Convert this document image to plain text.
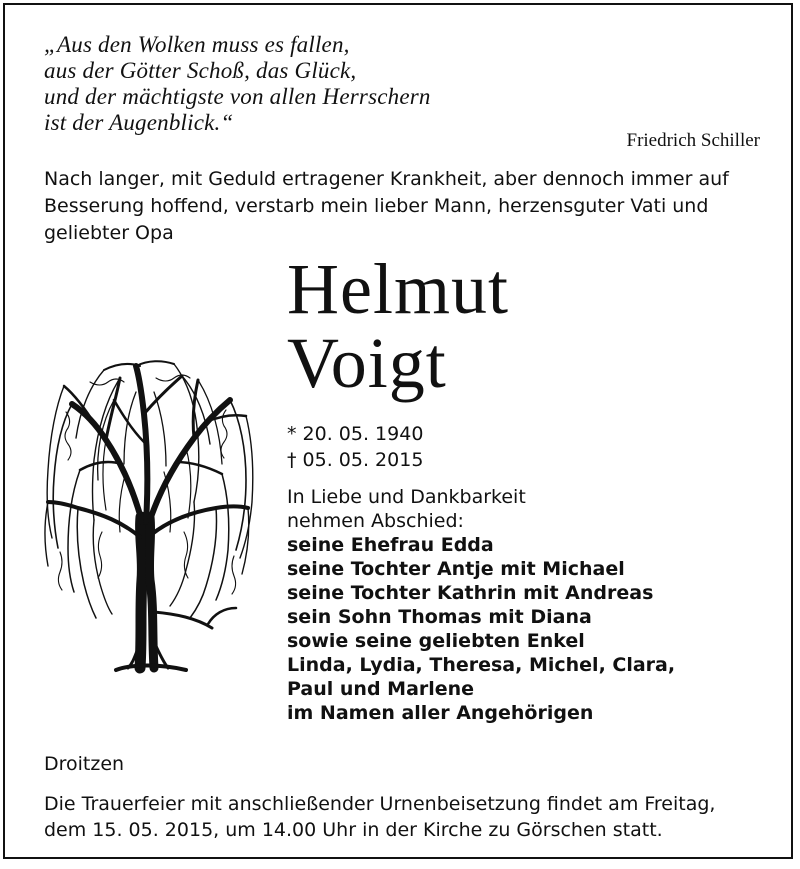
„Aus den Wolken muss es fallen,
aus der Götter Schoß, das Glück,
und der mächtigste von allen Herrschern
ist der Augenblick.“
Friedrich Schiller
Nach langer, mit Geduld ertragener Krankheit, aber dennoch immer auf
Besserung hoffend, verstarb mein lieber Mann, herzensguter Vati und
geliebter Opa
Helmut
Voigt
* 20. 05. 1940
† 05. 05. 2015
In Liebe und Dankbarkeit
nehmen Abschied:
seine Ehefrau Edda
seine Tochter Antje mit Michael
seine Tochter Kathrin mit Andreas
sein Sohn Thomas mit Diana
sowie seine geliebten Enkel
Linda, Lydia, Theresa, Michel, Clara,
Paul und Marlene
im Namen aller Angehörigen
Droitzen
Die Trauerfeier mit anschließender Urnenbeisetzung findet am Freitag,
dem 15. 05. 2015, um 14.00 Uhr in der Kirche zu Görschen statt.
